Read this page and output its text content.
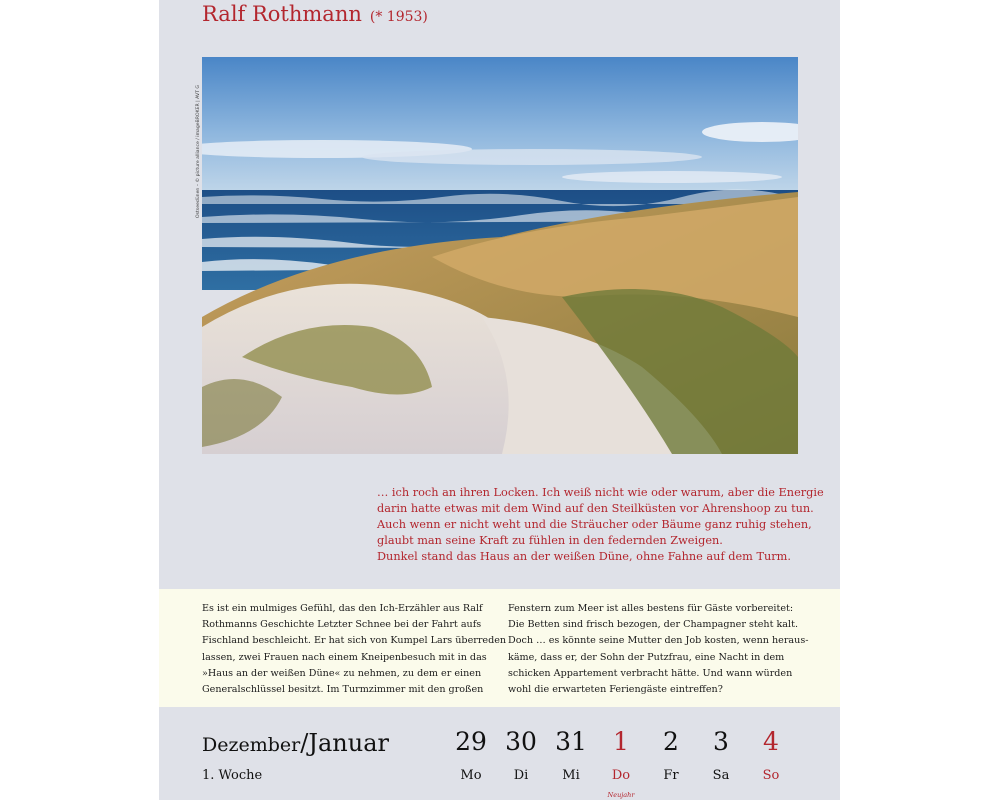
Ralf Rothmann (* 1953)
Ostseedünen – © picture alliance / imageBROKER | AVT G
… ich roch an ihren Locken. Ich weiß nicht wie oder warum, aber die Energie
darin hatte etwas mit dem Wind auf den Steilküsten vor Ahrenshoop zu tun.
Auch wenn er nicht weht und die Sträucher oder Bäume ganz ruhig stehen,
glaubt man seine Kraft zu fühlen in den federnden Zweigen.
Dunkel stand das Haus an der weißen Düne, ohne Fahne auf dem Turm.
Es ist ein mulmiges Gefühl, das den Ich-Erzähler aus Ralf
Rothmanns Geschichte Letzter Schnee bei der Fahrt aufs
Fischland beschleicht. Er hat sich von Kumpel Lars überreden
lassen, zwei Frauen nach einem Kneipenbesuch mit in das
»Haus an der weißen Düne« zu nehmen, zu dem er einen
Generalschlüssel besitzt. Im Turmzimmer mit den großen
Fenstern zum Meer ist alles bestens für Gäste vorbereitet:
Die Betten sind frisch bezogen, der Champagner steht kalt.
Doch … es könnte seine Mutter den Job kosten, wenn heraus-
käme, dass er, der Sohn der Putzfrau, eine Nacht in dem
schicken Appartement verbracht hätte. Und wann würden
wohl die erwarteten Feriengäste eintreffen?
Dezember/Januar
1. Woche
29
Mo
30
Di
31
Mi
1
Do
Neujahr
2
Fr
3
Sa
4
So
